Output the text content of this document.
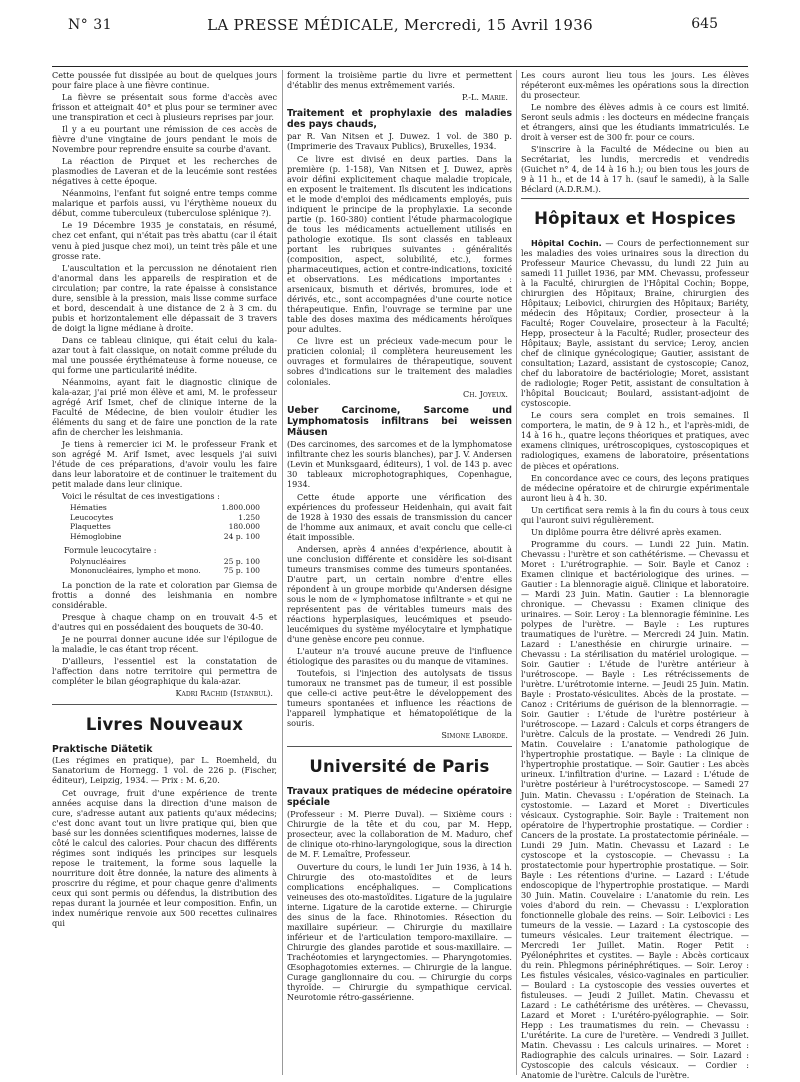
N° 31	LA PRESSE MÉDICALE, Mercredi, 15 Avril 1936	645

Cette poussée fut dissipée au bout de quelques jours pour faire place à une fièvre continue.

La fièvre se présentait sous forme d'accès avec frisson et atteignait 40° et plus pour se terminer avec une transpiration et ceci à plusieurs reprises par jour.

Il y a eu pourtant une rémission de ces accès de fièvre d'une vingtaine de jours pendant le mois de Novembre pour reprendre ensuite sa courbe d'avant.

La réaction de Pirquet et les recherches de plasmodies de Laveran et de la leucémie sont restées négatives à cette époque.

Néanmoins, l'enfant fut soigné entre temps comme malarique et parfois aussi, vu l'érythème noueux du début, comme tuberculeux (tuberculose splénique ?).

Le 19 Décembre 1935 je constatais, en résumé, chez cet enfant, qui n'était pas très abattu (car il était venu à pied jusque chez moi), un teint très pâle et une grosse rate.

L'auscultation et la percussion ne dénotaient rien d'anormal dans les appareils de respiration et de circulation; par contre, la rate épaisse à consistance dure, sensible à la pression, mais lisse comme surface et bord, descendait à une distance de 2 à 3 cm. du pubis et horizontalement elle dépassait de 3 travers de doigt la ligne médiane à droite.

Dans ce tableau clinique, qui était celui du kala-azar tout à fait classique, on notait comme prélude du mal une poussée érythémateuse à forme noueuse, ce qui forme une particularité inédite.

Néanmoins, ayant fait le diagnostic clinique de kala-azar, j'ai prié mon élève et ami, M. le professeur agrégé Arif Ismet, chef de clinique interne de la Faculté de Médecine, de bien vouloir étudier les éléments du sang et de faire une ponction de la rate afin de chercher les leishmania.

Je tiens à remercier ici M. le professeur Frank et son agrégé M. Arif Ismet, avec lesquels j'ai suivi l'étude de ces préparations, d'avoir voulu les faire dans leur laboratoire et de continuer le traitement du petit malade dans leur clinique.

Voici le résultat de ces investigations :

Hématies	1.800.000
Leucocytes	1.250
Plaquettes	180.000
Hémoglobine	24 p. 100

Formule leucocytaire :

Polynucléaires	25 p. 100
Mononucléaires, lympho et mono.	75 p. 100

La ponction de la rate et coloration par Giemsa de frottis a donné des leishmania en nombre considérable.

Presque à chaque champ on en trouvait 4-5 et d'autres qui en possédaient des bouquets de 30-40.

Je ne pourrai donner aucune idée sur l'épilogue de la maladie, le cas étant trop récent.

D'ailleurs, l'essentiel est la constatation de l'affection dans notre territoire qui permettra de compléter le bilan géographique du kala-azar.

Kadri Rachid (Istanbul).

Livres Nouveaux
Praktische Diätetik
(Les régimes en pratique), par L. Roemheld, du Sanatorium de Hornegg. 1 vol. de 226 p. (Fischer, éditeur), Leipzig, 1934. — Prix : M. 6,20.

Cet ouvrage, fruit d'une expérience de trente années acquise dans la direction d'une maison de cure, s'adresse autant aux patients qu'aux médecins; c'est donc avant tout un livre pratique qui, bien que basé sur les données scientifiques modernes, laisse de côté le calcul des calories. Pour chacun des différents régimes sont indiqués les principes sur lesquels repose le traitement, la forme sous laquelle la nourriture doit être donnée, la nature des aliments à proscrire du régime, et pour chaque genre d'aliments ceux qui sont permis ou défendus, la distribution des repas durant la journée et leur composition. Enfin, un index numérique renvoie aux 500 recettes culinaires qui

forment la troisième partie du livre et permettent d'établir des menus extrêmement variés.

P.-L. Marie.

Traitement et prophylaxie des maladies des pays chauds,
par R. Van Nitsen et J. Duwez. 1 vol. de 380 p. (Imprimerie des Travaux Publics), Bruxelles, 1934.

Ce livre est divisé en deux parties. Dans la première (p. 1-158), Van Nitsen et J. Duwez, après avoir défini explicitement chaque maladie tropicale, en exposent le traitement. Ils discutent les indications et le mode d'emploi des médicaments employés, puis indiquent le principe de la prophylaxie. La seconde partie (p. 160-380) contient l'étude pharmacologique de tous les médicaments actuellement utilisés en pathologie exotique. Ils sont classés en tableaux portant les rubriques suivantes : généralités (composition, aspect, solubilité, etc.), formes pharmaceutiques, action et contre-indications, toxicité et observations. Les médications importantes : arsenicaux, bismuth et dérivés, bromures, iode et dérivés, etc., sont accompagnées d'une courte notice thérapeutique. Enfin, l'ouvrage se termine par une table des doses maxima des médicaments héroïques pour adultes.

Ce livre est un précieux vade-mecum pour le praticien colonial; il complètera heureusement les ouvrages et formulaires de thérapeutique, souvent sobres d'indications sur le traitement des maladies coloniales.

Ch. Joyeux.

Ueber Carcinome, Sarcome und Lymphomatosis infiltrans bei weissen Mäusen
(Des carcinomes, des sarcomes et de la lymphomatose infiltrante chez les souris blanches), par J. V. Andersen (Levin et Munksgaard, éditeurs), 1 vol. de 143 p. avec 30 tableaux microphotographiques, Copenhague, 1934.

Cette étude apporte une vérification des expériences du professeur Heidenhain, qui avait fait de 1928 à 1930 des essais de transmission du cancer de l'homme aux animaux, et avait conclu que celle-ci était impossible.

Andersen, après 4 années d'expérience, aboutit à une conclusion différente et considère les soi-disant tumeurs transmises comme des tumeurs spontanées. D'autre part, un certain nombre d'entre elles répondent à un groupe morbide qu'Andersen désigne sous le nom de « lymphomatose infiltrante » et qui ne représentent pas de véritables tumeurs mais des réactions hyperplasiques, leucémiques et pseudo-leucémiques du système myélocytaire et lymphatique d'une genèse encore peu connue.

L'auteur n'a trouvé aucune preuve de l'influence étiologique des parasites ou du manque de vitamines.

Toutefois, si l'injection des autolysats de tissus tumoraux ne transmet pas de tumeur, il est possible que celle-ci active peut-être le développement des tumeurs spontanées et influence les réactions de l'appareil lymphatique et hématopoïétique de la souris.

Simone Laborde.

Université de Paris
Travaux pratiques de médecine opératoire spéciale
(Professeur : M. Pierre Duval). — Sixième cours : Chirurgie de la tête et du cou, par M. Hepp, prosecteur, avec la collaboration de M. Maduro, chef de clinique oto-rhino-laryngologique, sous la direction de M. F. Lemaître, Professeur.

Ouverture du cours, le lundi 1er Juin 1936, à 14 h. Chirurgie des oto-mastoïdites et de leurs complications encéphaliques. — Complications veineuses des oto-mastoïdites. Ligature de la jugulaire interne. Ligature de la carotide externe. — Chirurgie des sinus de la face. Rhinotomies. Résection du maxillaire supérieur. — Chirurgie du maxillaire inférieur et de l'articulation temporo-maxillaire. — Chirurgie des glandes parotide et sous-maxillaire. — Trachéotomies et laryngectomies. — Pharyngotomies. Œsophagotomies externes. — Chirurgie de la langue. Curage ganglionnaire du cou. — Chirurgie du corps thyroïde. — Chirurgie du sympathique cervical. Neurotomie rétro-gassérienne.

Les cours auront lieu tous les jours. Les élèves répéteront eux-mêmes les opérations sous la direction du prosecteur.

Le nombre des élèves admis à ce cours est limité. Seront seuls admis : les docteurs en médecine français et étrangers, ainsi que les étudiants immatriculés. Le droit à verser est de 300 fr. pour ce cours.

S'inscrire à la Faculté de Médecine ou bien au Secrétariat, les lundis, mercredis et vendredis (Guichet n° 4, de 14 à 16 h.); ou bien tous les jours de 9 à 11 h., et de 14 à 17 h. (sauf le samedi), à la Salle Béclard (A.D.R.M.).

Hôpitaux et Hospices

Hôpital Cochin. — Cours de perfectionnement sur les maladies des voies urinaires sous la direction du Professeur Maurice Chevassu, du lundi 22 Juin au samedi 11 Juillet 1936, par MM. Chevassu, professeur à la Faculté, chirurgien de l'Hôpital Cochin; Boppe, chirurgien des Hôpitaux; Braine, chirurgien des Hôpitaux; Leibovici, chirurgien des Hôpitaux; Bariéty, médecin des Hôpitaux; Cordier, prosecteur à la Faculté; Roger Couvelaire, prosecteur à la Faculté; Hepp, prosecteur à la Faculté; Rudler, prosecteur des Hôpitaux; Bayle, assistant du service; Leroy, ancien chef de clinique gynécologique; Gautier, assistant de consultation; Lazard, assistant de cystoscopie; Canoz, chef du laboratoire de bactériologie; Moret, assistant de radiologie; Roger Petit, assistant de consultation à l'hôpital Boucicaut; Boulard, assistant-adjoint de cystoscopie.

Le cours sera complet en trois semaines. Il comportera, le matin, de 9 à 12 h., et l'après-midi, de 14 à 16 h., quatre leçons théoriques et pratiques, avec examens cliniques, urétroscopiques, cystoscopiques et radiologiques, examens de laboratoire, présentations de pièces et opérations.

En concordance avec ce cours, des leçons pratiques de médecine opératoire et de chirurgie expérimentale auront lieu à 4 h. 30.

Un certificat sera remis à la fin du cours à tous ceux qui l'auront suivi régulièrement.

Un diplôme pourra être délivré après examen.

Programme du cours. — Lundi 22 Juin. Matin. Chevassu : l'urètre et son cathétérisme. — Chevassu et Moret : L'urétrographie. — Soir. Bayle et Canoz : Examen clinique et bactériologique des urines. — Gautier : La blennoragie aiguë. Clinique et laboratoire. — Mardi 23 Juin. Matin. Gautier : La blennoragie chronique. — Chevassu : Examen clinique des urinaires. — Soir. Leroy : La blennoragie féminine. Les polypes de l'urètre. — Bayle : Les ruptures traumatiques de l'urètre. — Mercredi 24 Juin. Matin. Lazard : L'anesthésie en chirurgie urinaire. — Chevassu : La stérilisation du matériel urologique. — Soir. Gautier : L'étude de l'urètre antérieur à l'urétroscope. — Bayle : Les rétrécissements de l'urètre. L'urétrotomie interne. — Jeudi 25 Juin. Matin. Bayle : Prostato-vésiculites. Abcès de la prostate. — Canoz : Critériums de guérison de la blennorragie. — Soir. Gautier : L'étude de l'urètre postérieur à l'urétroscope. — Lazard : Calculs et corps étrangers de l'urètre. Calculs de la prostate. — Vendredi 26 Juin. Matin. Couvelaire : L'anatomie pathologique de l'hypertrophie prostatique. — Bayle : La clinique de l'hypertrophie prostatique. — Soir. Gautier : Les abcès urineux. L'infiltration d'urine. — Lazard : L'étude de l'urètre postérieur à l'urétrocystoscope. — Samedi 27 Juin. Matin. Chevassu : L'opération de Steinach. La cystostomie. — Lazard et Moret : Diverticules vésicaux. Cystographie. Soir. Bayle : Traitement non opératoire de l'hypertrophie prostatique. — Cordier : Cancers de la prostate. La prostatectomie périnéale. — Lundi 29 Juin. Matin. Chevassu et Lazard : Le cystoscope et la cystoscopie. — Chevassu : La prostatectomie pour hypertrophie prostatique. — Soir. Bayle : Les rétentions d'urine. — Lazard : L'étude endoscopique de l'hypertrophie prostatique. — Mardi 30 Juin. Matin. Couvelaire : L'anatomie du rein. Les voies d'abord du rein. — Chevassu : L'exploration fonctionnelle globale des reins. — Soir. Leibovici : Les tumeurs de la vessie. — Lazard : La cystoscopie des tumeurs vésicales. Leur traitement électrique. — Mercredi 1er Juillet. Matin. Roger Petit : Pyélonéphrites et cystites. — Bayle : Abcès corticaux du rein. Phlegmons périnéphrétiques. — Soir. Leroy : Les fistules vésicales, vésico-vaginales en particulier. — Boulard : La cystoscopie des vessies ouvertes et fistuleuses. — Jeudi 2 Juillet. Matin. Chevassu et Lazard : Le cathétérisme des urétères. — Chevassu, Lazard et Moret : L'urétéro-pyélographie. — Soir. Hepp : Les traumatismes du rein. — Chevassu : L'urétérite. La cure de l'uretère. — Vendredi 3 Juillet. Matin. Chevassu : Les calculs urinaires. — Moret : Radiographie des calculs urinaires. — Soir. Lazard : Cystoscopie des calculs vésicaux. — Cordier : Anatomie de l'urètre. Calculs de l'urètre.
